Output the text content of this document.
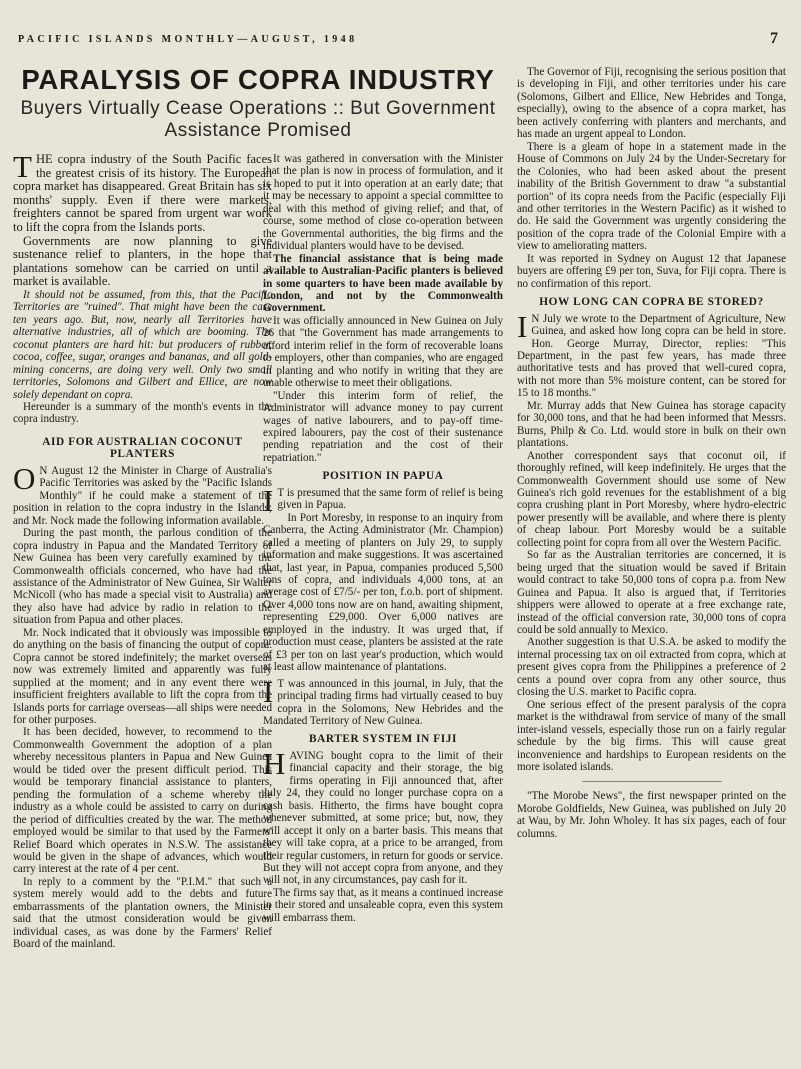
PACIFIC ISLANDS MONTHLY—AUGUST, 1948	7
PARALYSIS OF COPRA INDUSTRY
Buyers Virtually Cease Operations :: But Government Assistance Promised

THE copra industry of the South Pacific faces the greatest crisis of its history. The European copra market has disappeared. Great Britain has six months' supply. Even if there were markets, freighters cannot be spared from urgent war work to lift the copra from the Islands ports.

Governments are now planning to give sustenance relief to planters, in the hope that plantations somehow can be carried on until a market is available.

It should not be assumed, from this, that the Pacific Territories are "ruined". That might have been the case ten years ago. But, now, nearly all Territories have alternative industries, all of which are booming. The coconut planters are hard hit: but producers of rubber, cocoa, coffee, sugar, oranges and bananas, and all gold-mining concerns, are doing very well. Only two small territories, Solomons and Gilbert and Ellice, are now solely dependant on copra.

Hereunder is a summary of the month's events in the copra industry.

AID FOR AUSTRALIAN COCONUT PLANTERS

O N August 12 the Minister in Charge of Australia's Pacific Territories was asked by the "Pacific Islands Monthly" if he could make a statement of the position in relation to the copra industry in the Islands; and Mr. Nock made the following information available.

During the past month, the parlous condition of the copra industry in Papua and the Mandated Territory of New Guinea has been very carefully examined by the Commonwealth officials concerned, who have had the assistance of the Administrator of New Guinea, Sir Walter McNicoll (who has made a special visit to Australia) and they also have had advice by radio in relation to the situation from Papua and other places.

Mr. Nock indicated that it obviously was impossible to do anything on the basis of financing the output of copra. Copra cannot be stored indefinitely; the market overseas now was extremely limited and apparently was fully supplied at the moment; and in any event there were insufficient freighters available to lift the copra from the Islands ports for carriage overseas—all ships were needed for other purposes.

It has been decided, however, to recommend to the Commonwealth Government the adoption of a plan whereby necessitous planters in Papua and New Guinea would be tided over the present difficult period. This would be temporary financial assistance to planters, pending the formulation of a scheme whereby the industry as a whole could be assisted to carry on during the period of difficulties created by the war. The method employed would be similar to that used by the Farmers' Relief Board which operates in N.S.W. The assistance would be given in the shape of advances, which would carry interest at the rate of 4 per cent.

In reply to a comment by the "P.I.M." that such a system merely would add to the debts and future embarrassments of the plantation owners, the Minister said that the utmost consideration would be given individual cases, as was done by the Farmers' Relief Board of the mainland.

It was gathered in conversation with the Minister that the plan is now in process of formulation, and it is hoped to put it into operation at an early date; that it may be necessary to appoint a special committee to deal with this method of giving relief; and that, of course, some method of close co-operation between the Governmental authorities, the big firms and the individual planters would have to be devised.

The financial assistance that is being made available to Australian-Pacific planters is believed in some quarters to have been made available by London, and not by the Commonwealth Government.

It was officially announced in New Guinea on July 26 that "the Government has made arrangements to afford interim relief in the form of recoverable loans to employers, other than companies, who are engaged in planting and who notify in writing that they are unable otherwise to meet their obligations.

"Under this interim form of relief, the Administrator will advance money to pay current wages of native labourers, and to pay-off time-expired labourers, pay the cost of their sustenance pending repatriation and the cost of their repatriation."

POSITION IN PAPUA

I T is presumed that the same form of relief is being given in Papua.

In Port Moresby, in response to an inquiry from Canberra, the Acting Administrator (Mr. Champion) called a meeting of planters on July 29, to supply information and make suggestions. It was ascertained that, last year, in Papua, companies produced 5,500 tons of copra, and individuals 4,000 tons, at an average cost of £7/5/- per ton, f.o.b. port of shipment. Over 4,000 tons now are on hand, awaiting shipment, representing £29,000. Over 6,000 natives are employed in the industry. It was urged that, if production must cease, planters be assisted at the rate of £3 per ton on last year's production, which would at least allow maintenance of plantations.

I T was announced in this journal, in July, that the principal trading firms had virtually ceased to buy copra in the Solomons, New Hebrides and the Mandated Territory of New Guinea.

BARTER SYSTEM IN FIJI

HAVING bought copra to the limit of their financial capacity and their storage, the big firms operating in Fiji announced that, after July 24, they could no longer purchase copra on a cash basis. Hitherto, the firms have bought copra whenever submitted, at some price; but, now, they will accept it only on a barter basis. This means that they will take copra, at a price to be arranged, from their regular customers, in return for goods or service. But they will not accept copra from anyone, and they will not, in any circumstances, pay cash for it.

The firms say that, as it means a continued increase in their stored and unsaleable copra, even this system will embarrass them.

The Governor of Fiji, recognising the serious position that is developing in Fiji, and other territories under his care (Solomons, Gilbert and Ellice, New Hebrides and Tonga, especially), owing to the absence of a copra market, has been actively conferring with planters and merchants, and has made an urgent appeal to London.

There is a gleam of hope in a statement made in the House of Commons on July 24 by the Under-Secretary for the Colonies, who had been asked about the present inability of the British Government to draw "a substantial portion" of its copra needs from the Pacific (especially Fiji and other territories in the Western Pacific) as it wished to do. He said the Government was urgently considering the position of the copra trade of the Colonial Empire with a view to ameliorating matters.

It was reported in Sydney on August 12 that Japanese buyers are offering £9 per ton, Suva, for Fiji copra. There is no confirmation of this report.

HOW LONG CAN COPRA BE STORED?

I N July we wrote to the Department of Agriculture, New Guinea, and asked how long copra can be held in store. Hon. George Murray, Director, replies: "This Department, in the past few years, has made three authoritative tests and has proved that well-cured copra, with not more than 5% moisture content, can be stored for 15 to 18 months."

Mr. Murray adds that New Guinea has storage capacity for 30,000 tons, and that he had been informed that Messrs. Burns, Philp & Co. Ltd. would store in bulk on their own plantations.

Another correspondent says that coconut oil, if thoroughly refined, will keep indefinitely. He urges that the Commonwealth Government should use some of New Guinea's rich gold revenues for the establishment of a big copra crushing plant in Port Moresby, where hydro-electric power presently will be available, and where there is plenty of cheap labour. Port Moresby would be a suitable collecting point for copra from all over the Western Pacific.

So far as the Australian territories are concerned, it is being urged that the situation would be saved if Britain would contract to take 50,000 tons of copra p.a. from New Guinea and Papua. It also is argued that, if Territories shippers were allowed to operate at a free exchange rate, instead of the official conversion rate, 30,000 tons of copra could be sold annually to Mexico.

Another suggestion is that U.S.A. be asked to modify the internal processing tax on oil extracted from copra, which at present gives copra from the Philippines a preference of 2 cents a pound over copra from any other source, thus closing the U.S. market to Pacific copra.

One serious effect of the present paralysis of the copra market is the withdrawal from service of many of the small inter-island vessels, especially those run on a fairly regular schedule by the big firms. This will cause great inconvenience and hardships to European residents on the more isolated islands.

"The Morobe News", the first newspaper printed on the Morobe Goldfields, New Guinea, was published on July 20 at Wau, by Mr. John Wholey. It has six pages, each of four columns.
